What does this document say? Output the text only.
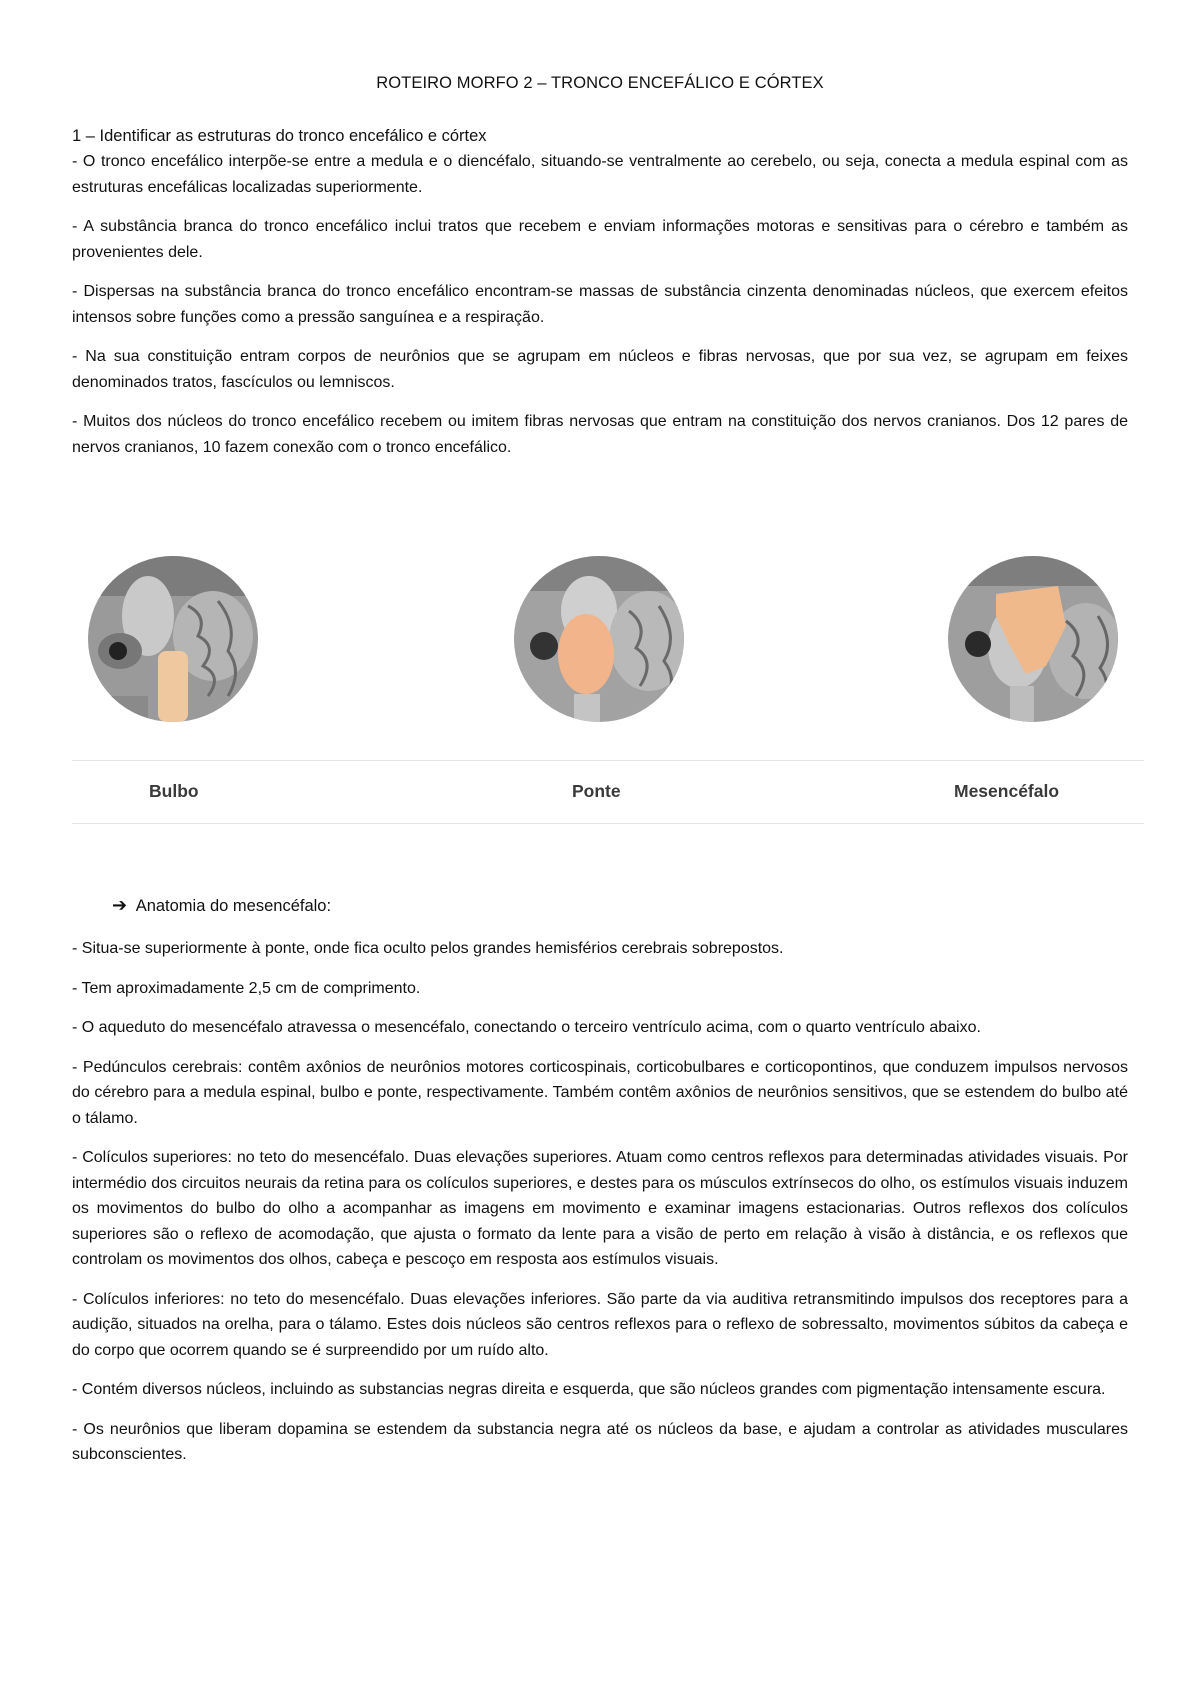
ROTEIRO MORFO 2 – TRONCO ENCEFÁLICO E CÓRTEX
1 – Identificar as estruturas do tronco encefálico e córtex

- O tronco encefálico interpõe-se entre a medula e o diencéfalo, situando-se ventralmente ao cerebelo, ou seja, conecta a medula espinal com as estruturas encefálicas localizadas superiormente.

- A substância branca do tronco encefálico inclui tratos que recebem e enviam informações motoras e sensitivas para o cérebro e também as provenientes dele.

- Dispersas na substância branca do tronco encefálico encontram-se massas de substância cinzenta denominadas núcleos, que exercem efeitos intensos sobre funções como a pressão sanguínea e a respiração.

- Na sua constituição entram corpos de neurônios que se agrupam em núcleos e fibras nervosas, que por sua vez, se agrupam em feixes denominados tratos, fascículos ou lemniscos.

- Muitos dos núcleos do tronco encefálico recebem ou imitem fibras nervosas que entram na constituição dos nervos cranianos. Dos 12 pares de nervos cranianos, 10 fazem conexão com o tronco encefálico.

Bulbo	Ponte	Mesencéfalo
➔ Anatomia do mesencéfalo:

- Situa-se superiormente à ponte, onde fica oculto pelos grandes hemisférios cerebrais sobrepostos.

- Tem aproximadamente 2,5 cm de comprimento.

- O aqueduto do mesencéfalo atravessa o mesencéfalo, conectando o terceiro ventrículo acima, com o quarto ventrículo abaixo.

- Pedúnculos cerebrais: contêm axônios de neurônios motores corticospinais, corticobulbares e corticopontinos, que conduzem impulsos nervosos do cérebro para a medula espinal, bulbo e ponte, respectivamente. Também contêm axônios de neurônios sensitivos, que se estendem do bulbo até o tálamo.

- Colículos superiores: no teto do mesencéfalo. Duas elevações superiores. Atuam como centros reflexos para determinadas atividades visuais. Por intermédio dos circuitos neurais da retina para os colículos superiores, e destes para os músculos extrínsecos do olho, os estímulos visuais induzem os movimentos do bulbo do olho a acompanhar as imagens em movimento e examinar imagens estacionarias. Outros reflexos dos colículos superiores são o reflexo de acomodação, que ajusta o formato da lente para a visão de perto em relação à visão à distância, e os reflexos que controlam os movimentos dos olhos, cabeça e pescoço em resposta aos estímulos visuais.

- Colículos inferiores: no teto do mesencéfalo. Duas elevações inferiores. São parte da via auditiva retransmitindo impulsos dos receptores para a audição, situados na orelha, para o tálamo. Estes dois núcleos são centros reflexos para o reflexo de sobressalto, movimentos súbitos da cabeça e do corpo que ocorrem quando se é surpreendido por um ruído alto.

- Contém diversos núcleos, incluindo as substancias negras direita e esquerda, que são núcleos grandes com pigmentação intensamente escura.

- Os neurônios que liberam dopamina se estendem da substancia negra até os núcleos da base, e ajudam a controlar as atividades musculares subconscientes.
